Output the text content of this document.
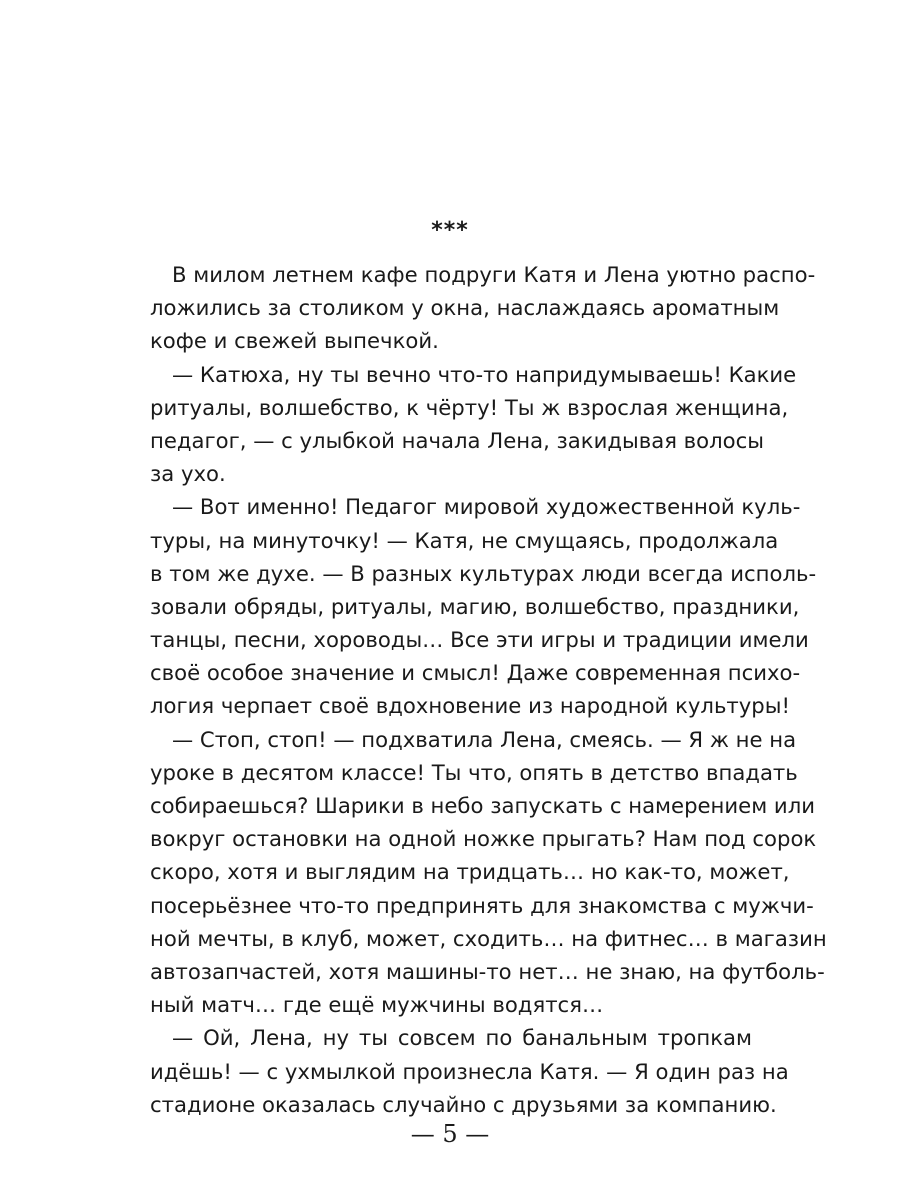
***
В милом летнем кафе подруги Катя и Лена уютно распо-
ложились за столиком у окна, наслаждаясь ароматным
кофе и свежей выпечкой.
— Катюха, ну ты вечно что-то напридумываешь! Какие
ритуалы, волшебство, к чёрту! Ты ж взрослая женщина,
педагог, — с улыбкой начала Лена, закидывая волосы
за ухо.
— Вот именно! Педагог мировой художественной куль-
туры, на минуточку! — Катя, не смущаясь, продолжала
в том же духе. — В разных культурах люди всегда исполь-
зовали обряды, ритуалы, магию, волшебство, праздники,
танцы, песни, хороводы… Все эти игры и традиции имели
своё особое значение и смысл! Даже современная психо-
логия черпает своё вдохновение из народной культуры!
— Стоп, стоп! — подхватила Лена, смеясь. — Я ж не на
уроке в десятом классе! Ты что, опять в детство впадать
собираешься? Шарики в небо запускать с намерением или
вокруг остановки на одной ножке прыгать? Нам под сорок
скоро, хотя и выглядим на тридцать… но как-то, может,
посерьёзнее что-то предпринять для знакомства с мужчи-
ной мечты, в клуб, может, сходить… на фитнес… в магазин
автозапчастей, хотя машины-то нет… не знаю, на футболь-
ный матч… где ещё мужчины водятся…
— Ой, Лена, ну ты совсем по банальным тропкам
идёшь! — с ухмылкой произнесла Катя. — Я один раз на
стадионе оказалась случайно с друзьями за компанию.
— 5 —
